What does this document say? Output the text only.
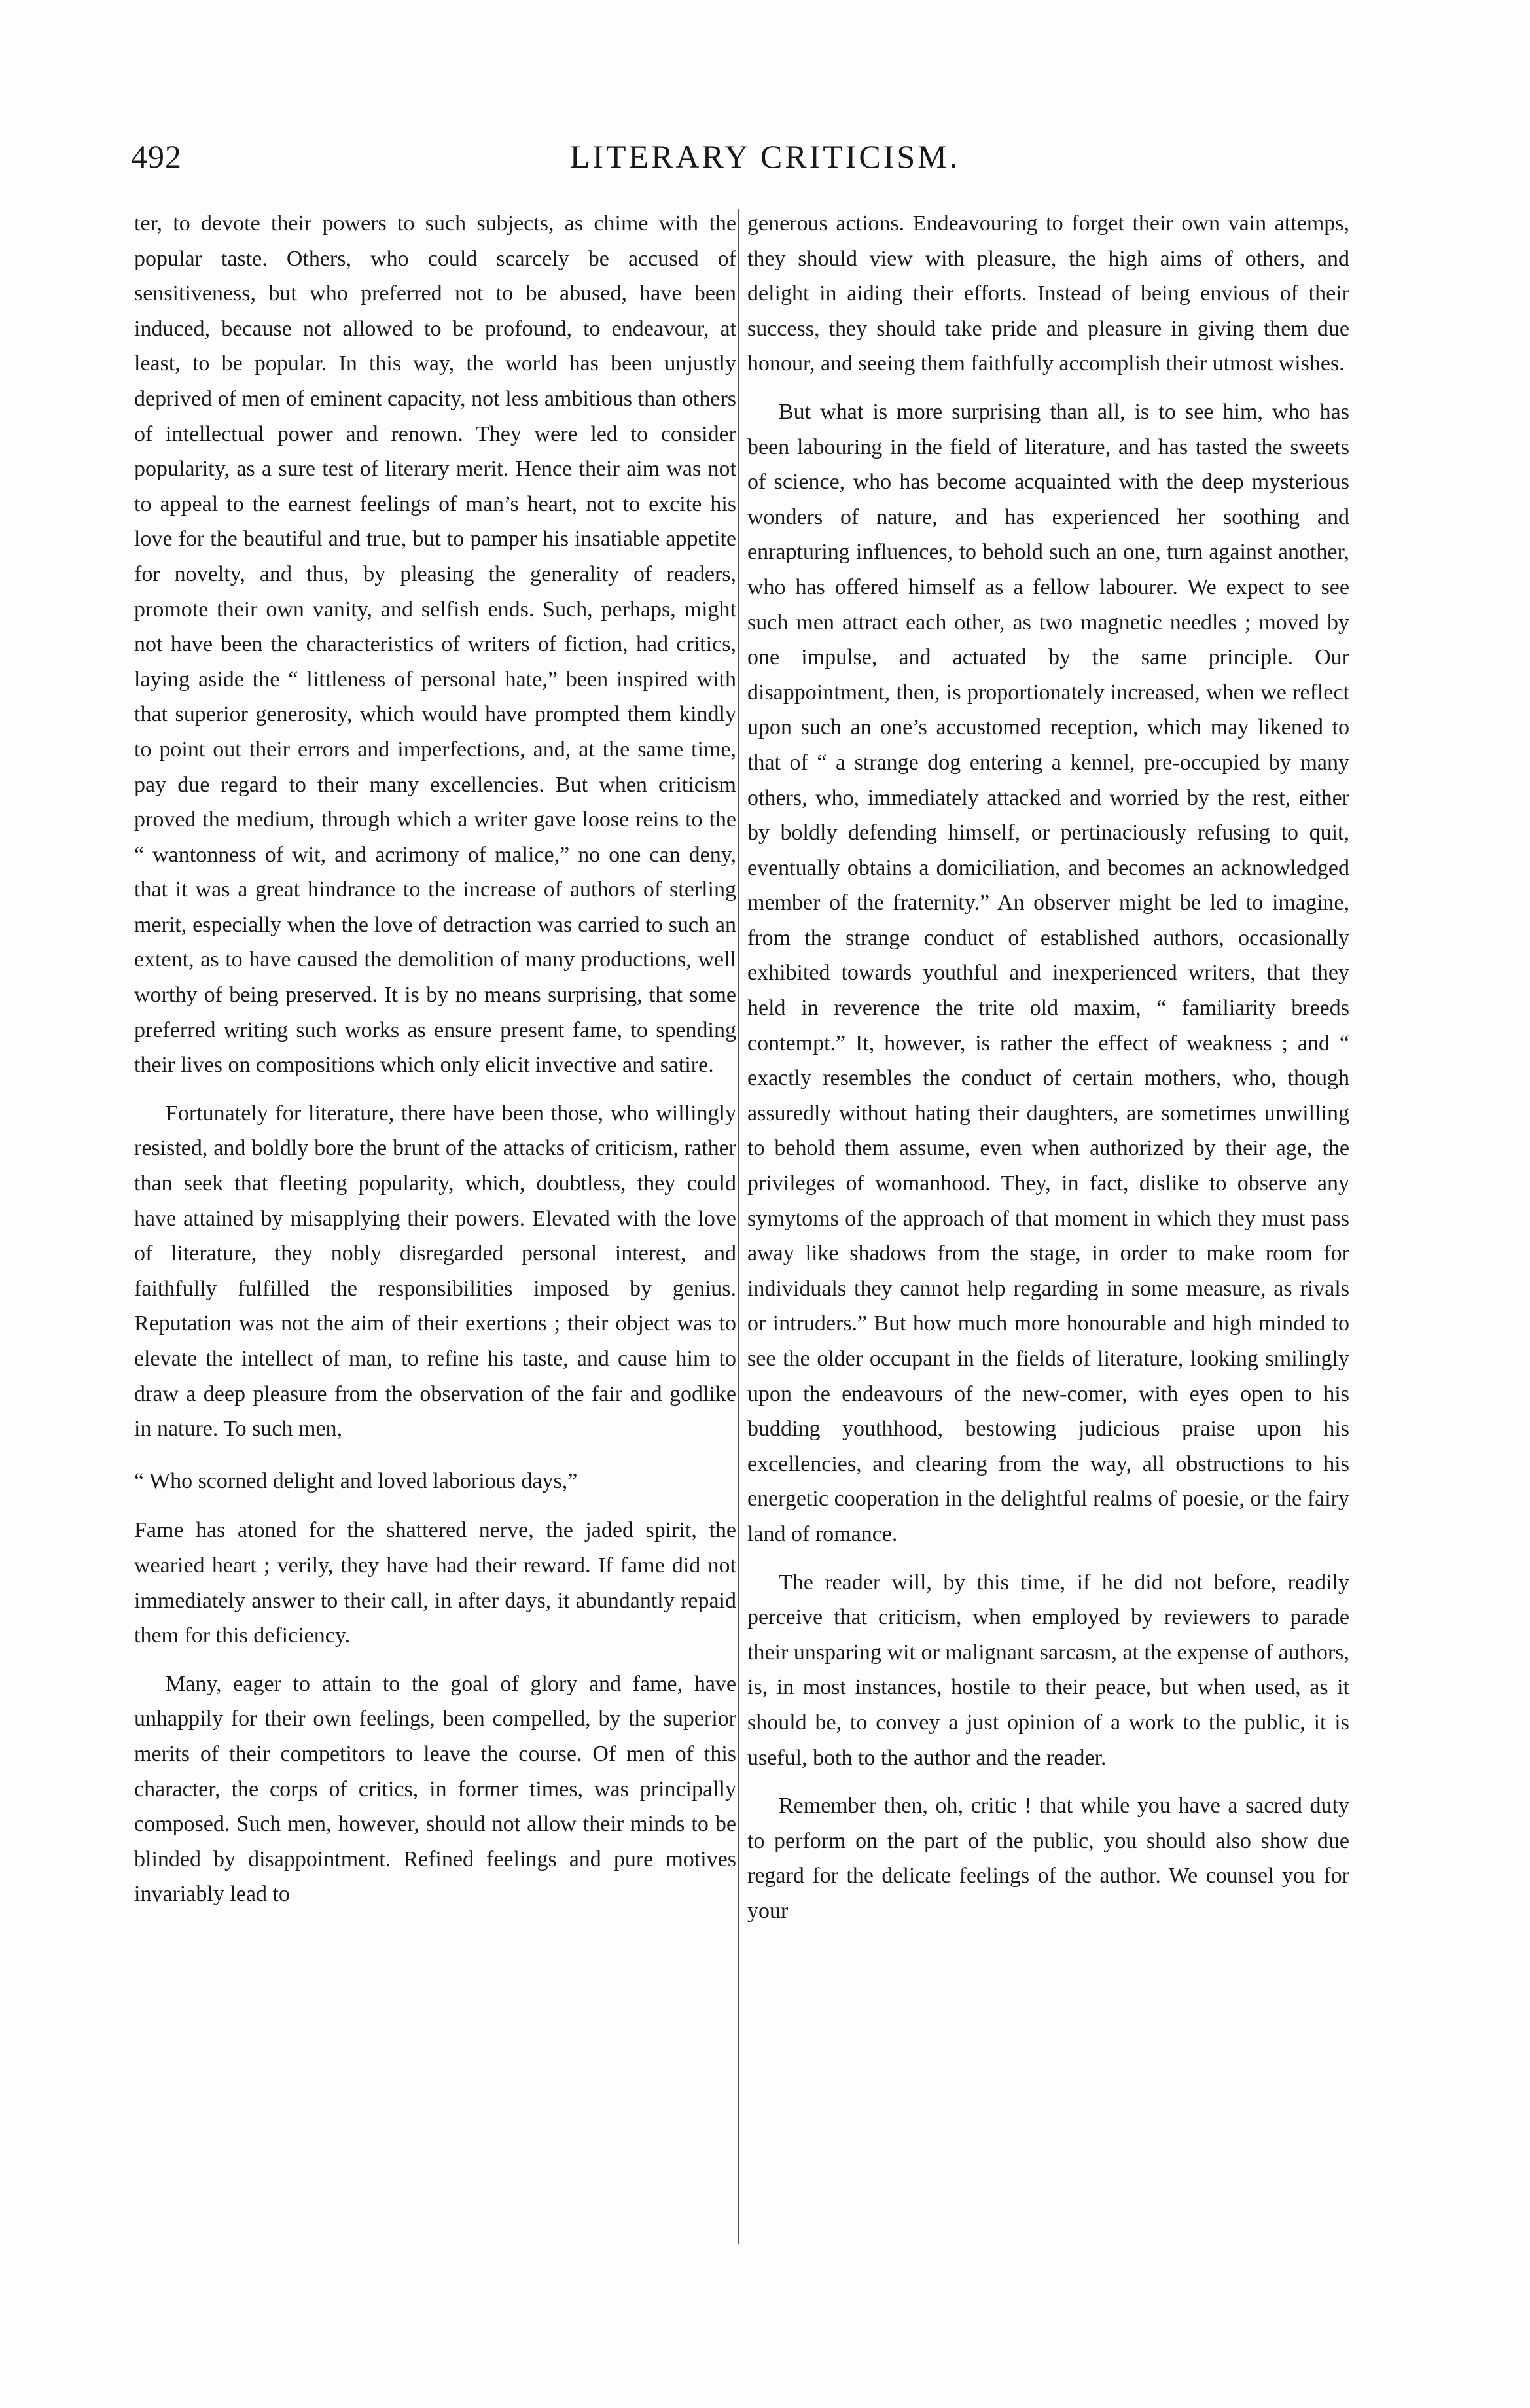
492	LITERARY CRITICISM.

ter, to devote their powers to such subjects, as chime with the popular taste. Others, who could scarcely be accused of sensitiveness, but who preferred not to be abused, have been induced, because not allowed to be profound, to endeavour, at least, to be popular. In this way, the world has been unjustly deprived of men of eminent capacity, not less ambitious than others of intellectual power and renown. They were led to consider popularity, as a sure test of literary merit. Hence their aim was not to appeal to the earnest feelings of man’s heart, not to excite his love for the beautiful and true, but to pamper his insatiable appetite for novelty, and thus, by pleasing the generality of readers, promote their own vanity, and selfish ends. Such, perhaps, might not have been the characteristics of writers of fiction, had critics, laying aside the “ littleness of personal hate,” been inspired with that superior generosity, which would have prompted them kindly to point out their errors and imperfections, and, at the same time, pay due regard to their many excellencies. But when criticism proved the medium, through which a writer gave loose reins to the “ wantonness of wit, and acrimony of malice,” no one can deny, that it was a great hindrance to the increase of authors of sterling merit, especially when the love of detraction was carried to such an extent, as to have caused the demolition of many productions, well worthy of being preserved. It is by no means surprising, that some preferred writing such works as ensure present fame, to spending their lives on compositions which only elicit invective and satire.

Fortunately for literature, there have been those, who willingly resisted, and boldly bore the brunt of the attacks of criticism, rather than seek that fleeting popularity, which, doubtless, they could have attained by misapplying their powers. Elevated with the love of literature, they nobly disregarded personal interest, and faithfully fulfilled the responsibilities imposed by genius. Reputation was not the aim of their exertions ; their object was to elevate the intellect of man, to refine his taste, and cause him to draw a deep pleasure from the observation of the fair and godlike in nature. To such men,

“ Who scorned delight and loved laborious days,”

Fame has atoned for the shattered nerve, the jaded spirit, the wearied heart ; verily, they have had their reward. If fame did not immediately answer to their call, in after days, it abundantly repaid them for this deficiency.

Many, eager to attain to the goal of glory and fame, have unhappily for their own feelings, been compelled, by the superior merits of their competitors to leave the course. Of men of this character, the corps of critics, in former times, was principally composed. Such men, however, should not allow their minds to be blinded by disappointment. Refined feelings and pure motives invariably lead to

generous actions. Endeavouring to forget their own vain attemps, they should view with pleasure, the high aims of others, and delight in aiding their efforts. Instead of being envious of their success, they should take pride and pleasure in giving them due honour, and seeing them faithfully accomplish their utmost wishes.

But what is more surprising than all, is to see him, who has been labouring in the field of literature, and has tasted the sweets of science, who has become acquainted with the deep mysterious wonders of nature, and has experienced her soothing and enrapturing influences, to behold such an one, turn against another, who has offered himself as a fellow labourer. We expect to see such men attract each other, as two magnetic needles ; moved by one impulse, and actuated by the same principle. Our disappointment, then, is proportionately increased, when we reflect upon such an one’s accustomed reception, which may likened to that of “ a strange dog entering a kennel, pre-occupied by many others, who, immediately attacked and worried by the rest, either by boldly defending himself, or pertinaciously refusing to quit, eventually obtains a domiciliation, and becomes an acknowledged member of the fraternity.” An observer might be led to imagine, from the strange conduct of established authors, occasionally exhibited towards youthful and inexperienced writers, that they held in reverence the trite old maxim, “ familiarity breeds contempt.” It, however, is rather the effect of weakness ; and “ exactly resembles the conduct of certain mothers, who, though assuredly without hating their daughters, are sometimes unwilling to behold them assume, even when authorized by their age, the privileges of womanhood. They, in fact, dislike to observe any symytoms of the approach of that moment in which they must pass away like shadows from the stage, in order to make room for individuals they cannot help regarding in some measure, as rivals or intruders.” But how much more honourable and high minded to see the older occupant in the fields of literature, looking smilingly upon the endeavours of the new-comer, with eyes open to his budding youthhood, bestowing judicious praise upon his excellencies, and clearing from the way, all obstructions to his energetic cooperation in the delightful realms of poesie, or the fairy land of romance.

The reader will, by this time, if he did not before, readily perceive that criticism, when employed by reviewers to parade their unsparing wit or malignant sarcasm, at the expense of authors, is, in most instances, hostile to their peace, but when used, as it should be, to convey a just opinion of a work to the public, it is useful, both to the author and the reader.

Remember then, oh, critic ! that while you have a sacred duty to perform on the part of the public, you should also show due regard for the delicate feelings of the author. We counsel you for your
